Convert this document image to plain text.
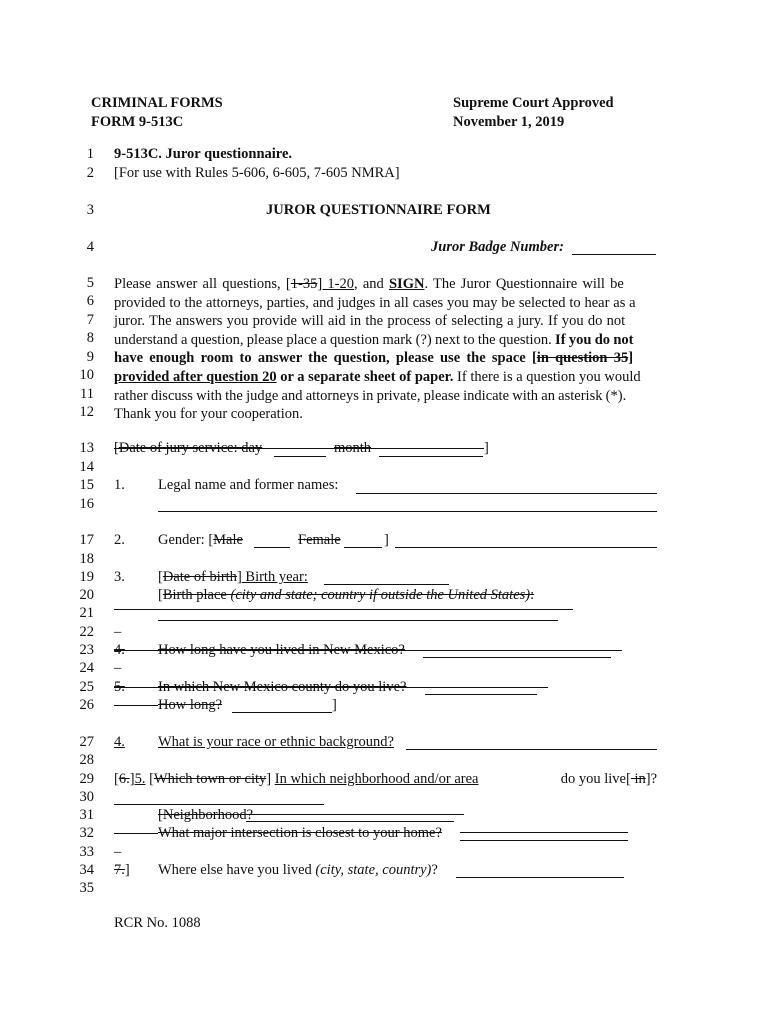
CRIMINAL FORMS
FORM 9-513C
Supreme Court Approved
November 1, 2019
1
2
3
4
5
6
7
8
9
10
11
12
13
14
15
16
17
18
19
20
21
22
23
24
25
26
27
28
29
30
31
32
33
34
35
9-513C. Juror questionnaire.
[For use with Rules 5-606, 6-605, 7-605 NMRA]
JUROR QUESTIONNAIRE FORM
Juror Badge Number:
Please answer all questions, [1-35] 1-20, and SIGN. The Juror Questionnaire will be
provided to the attorneys, parties, and judges in all cases you may be selected to hear as a
juror. The answers you provide will aid in the process of selecting a jury. If you do not
understand a question, please place a question mark (?) next to the question. If you do not
have enough room to answer the question, please use the space [in question 35]
provided after question 20 or a separate sheet of paper. If there is a question you would
rather discuss with the judge and attorneys in private, please indicate with an asterisk (*).
Thank you for your cooperation.
[Date of jury service: day	month	]
1. Legal name and former names:
2. Gender: [Male	Female	]
3. [Date of birth] Birth year:
[Birth place (city and state; country if outside the United States):
–
4. How long have you lived in New Mexico?
–
5. In which New Mexico county do you live?
How long?	]
4. What is your race or ethnic background?
[6.]5. [Which town or city] In which neighborhood and/or area	do you live[ in]?
[Neighborhood?
What major intersection is closest to your home?
–
7.] Where else have you lived (city, state, country)?
RCR No. 1088
